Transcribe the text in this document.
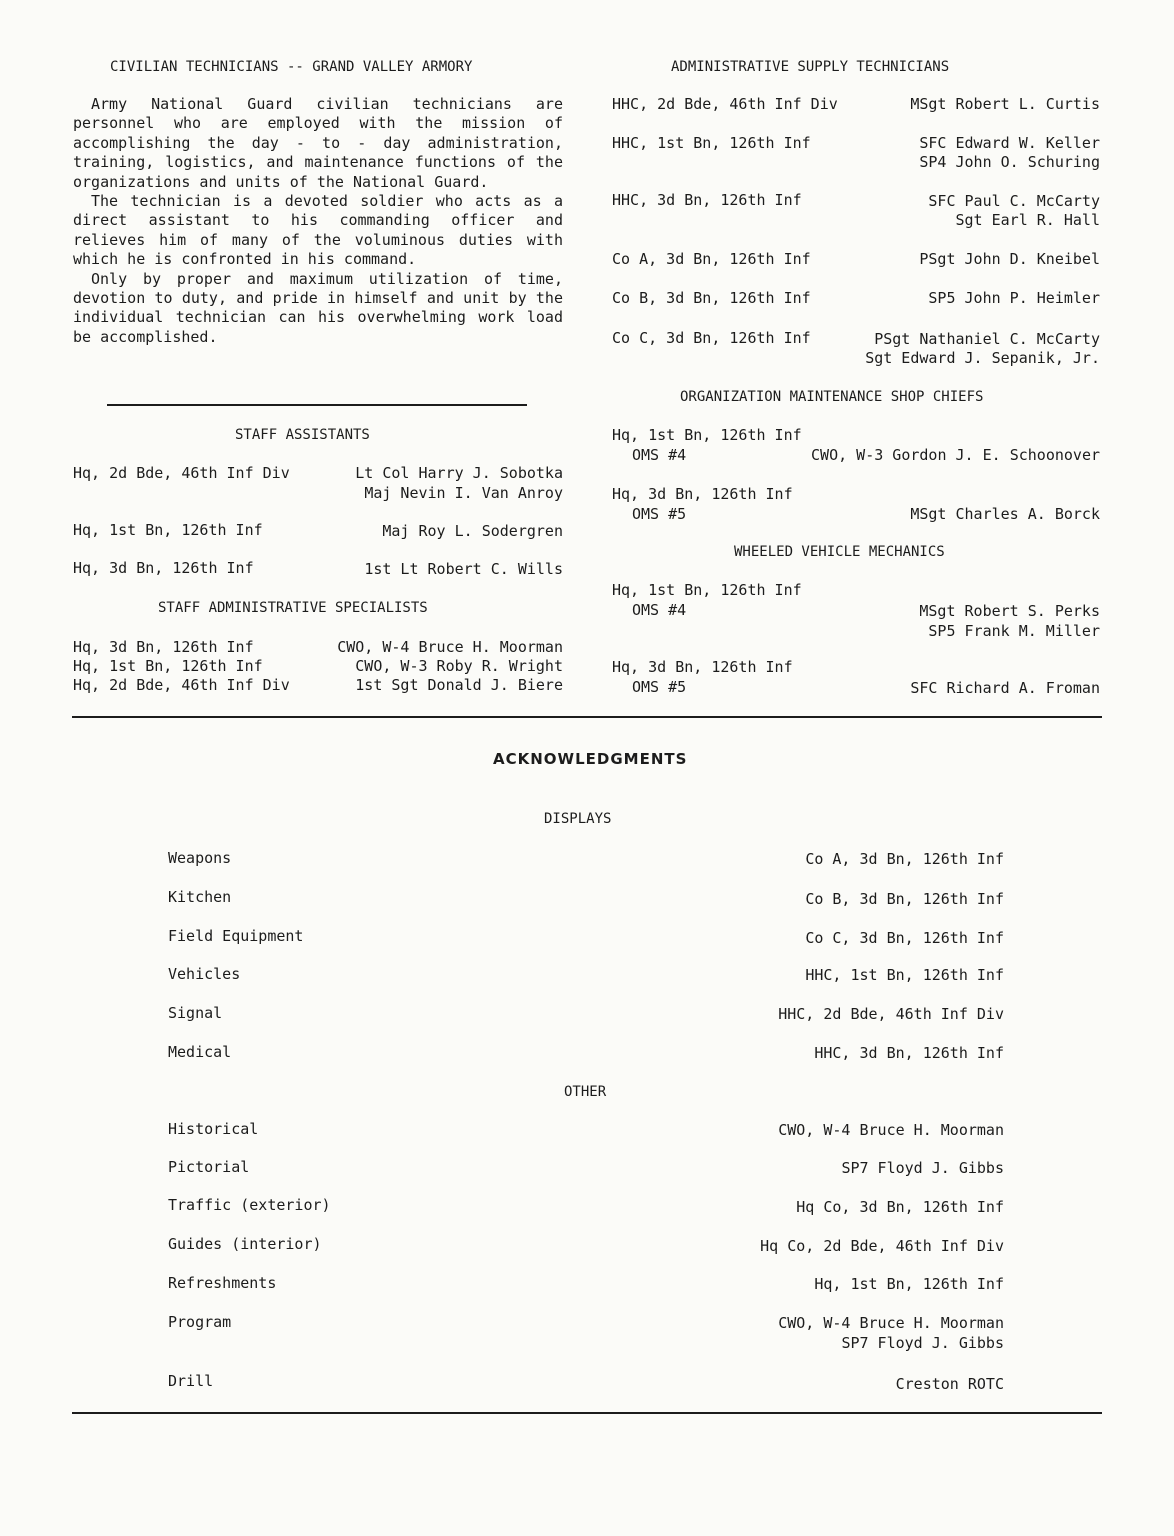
CIVILIAN TECHNICIANS -- GRAND VALLEY ARMORY
Army National Guard civilian technicians are personnel who are employed with the mission of accomplishing the day - to - day administration, training, logistics, and maintenance functions of the organizations and units of the National Guard.
The technician is a devoted soldier who acts as a direct assistant to his commanding officer and relieves him of many of the voluminous duties with which he is confronted in his command.
Only by proper and maximum utilization of time, devotion to duty, and pride in himself and unit by the individual technician can his overwhelming work load be accomplished.
STAFF ASSISTANTS
Hq, 2d Bde, 46th Inf Div	Lt Col Harry J. Sobotka
Maj Nevin I. Van Anroy
Hq, 1st Bn, 126th Inf	Maj Roy L. Sodergren
Hq, 3d Bn, 126th Inf	1st Lt Robert C. Wills
STAFF ADMINISTRATIVE SPECIALISTS
Hq, 3d Bn, 126th Inf	CWO, W-4 Bruce H. Moorman
Hq, 1st Bn, 126th Inf	CWO, W-3 Roby R. Wright
Hq, 2d Bde, 46th Inf Div	1st Sgt Donald J. Biere
ADMINISTRATIVE SUPPLY TECHNICIANS
HHC, 2d Bde, 46th Inf Div	MSgt Robert L. Curtis
HHC, 1st Bn, 126th Inf	SFC Edward W. Keller
SP4 John O. Schuring
HHC, 3d Bn, 126th Inf	SFC Paul C. McCarty
Sgt Earl R. Hall
Co A, 3d Bn, 126th Inf	PSgt John D. Kneibel
Co B, 3d Bn, 126th Inf	SP5 John P. Heimler
Co C, 3d Bn, 126th Inf	PSgt Nathaniel C. McCarty
Sgt Edward J. Sepanik, Jr.
ORGANIZATION MAINTENANCE SHOP CHIEFS
Hq, 1st Bn, 126th Inf
OMS #4	CWO, W-3 Gordon J. E. Schoonover
Hq, 3d Bn, 126th Inf
OMS #5	MSgt Charles A. Borck
WHEELED VEHICLE MECHANICS
Hq, 1st Bn, 126th Inf
OMS #4	MSgt Robert S. Perks
SP5 Frank M. Miller
Hq, 3d Bn, 126th Inf
OMS #5	SFC Richard A. Froman
ACKNOWLEDGMENTS
DISPLAYS
Weapons	Co A, 3d Bn, 126th Inf
Kitchen	Co B, 3d Bn, 126th Inf
Field Equipment	Co C, 3d Bn, 126th Inf
Vehicles	HHC, 1st Bn, 126th Inf
Signal	HHC, 2d Bde, 46th Inf Div
Medical	HHC, 3d Bn, 126th Inf
OTHER
Historical	CWO, W-4 Bruce H. Moorman
Pictorial	SP7 Floyd J. Gibbs
Traffic (exterior)	Hq Co, 3d Bn, 126th Inf
Guides (interior)	Hq Co, 2d Bde, 46th Inf Div
Refreshments	Hq, 1st Bn, 126th Inf
Program	CWO, W-4 Bruce H. Moorman
SP7 Floyd J. Gibbs
Drill	Creston ROTC
